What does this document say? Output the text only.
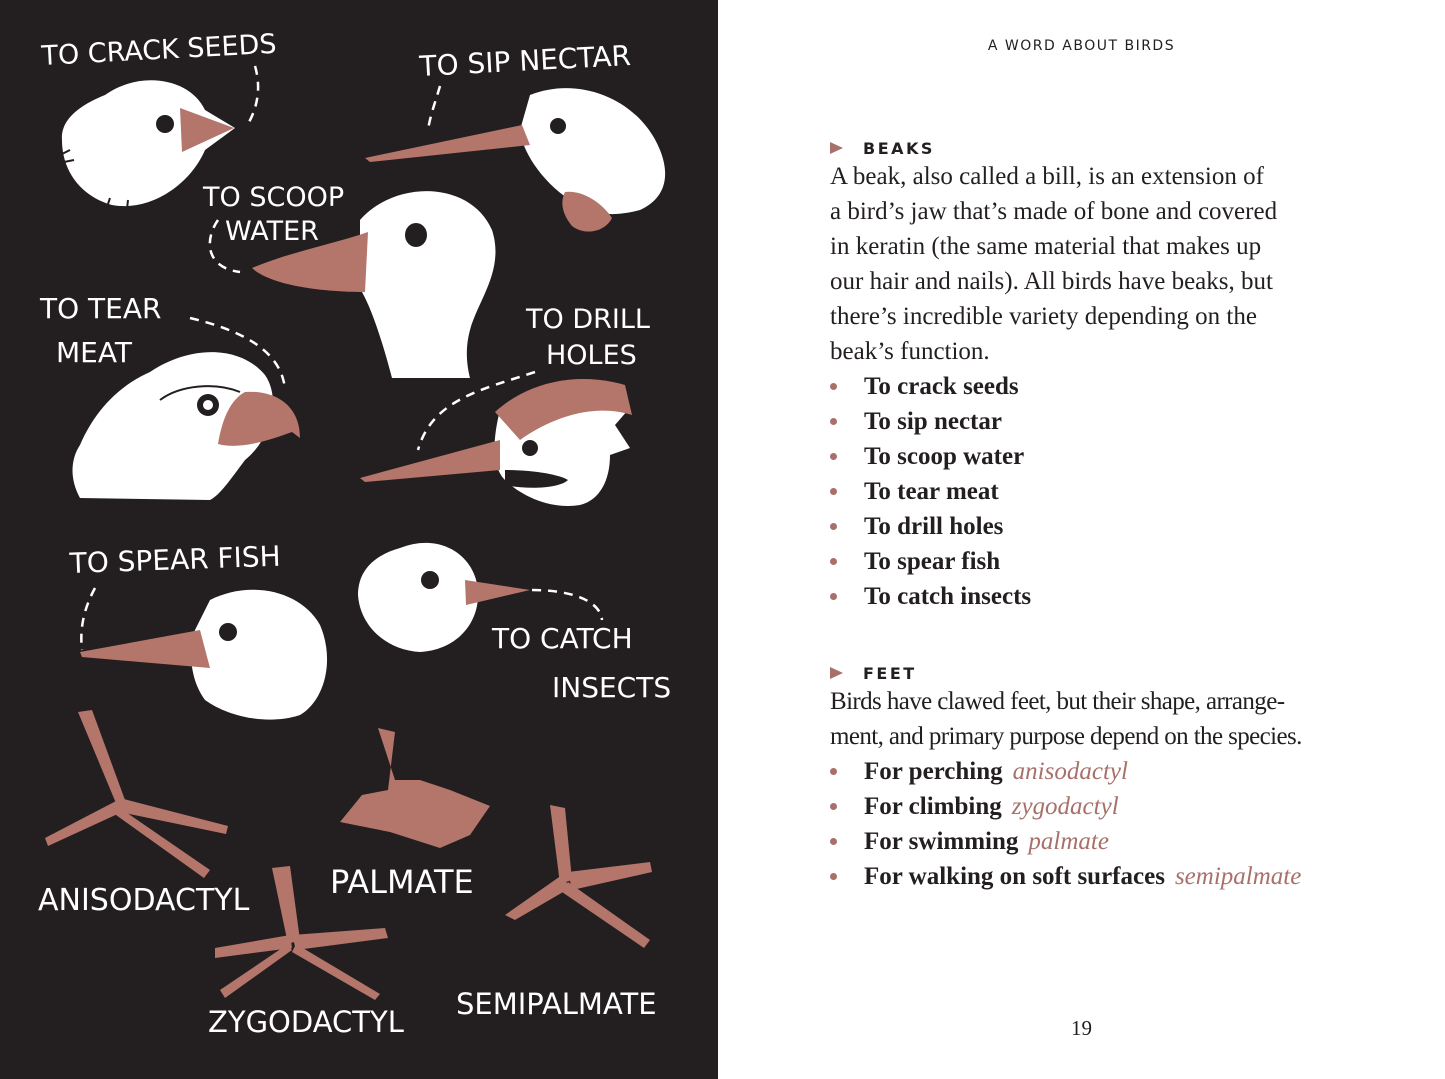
TO CRACK SEEDS	TO SIP NECTAR
TO SCOOP
WATER
TO TEAR
MEAT
TO DRILL
HOLES
TO SPEAR FISH
TO CATCH
INSECTS
ANISODACTYL	PALMATE
ZYGODACTYL
SEMIPALMATE
A WORD ABOUT BIRDS
BEAKS

A beak, also called a bill, is an extension of
a bird’s jaw that’s made of bone and covered
in keratin (the same material that makes up
our hair and nails). All birds have beaks, but
there’s incredible variety depending on the
beak’s function.

To crack seeds
To sip nectar
To scoop water
To tear meat
To drill holes
To spear fish
To catch insects
FEET

Birds have clawed feet, but their shape, arrange-
ment, and primary purpose depend on the species.

For perching anisodactyl
For climbing zygodactyl
For swimming palmate
For walking on soft surfaces semipalmate
19
